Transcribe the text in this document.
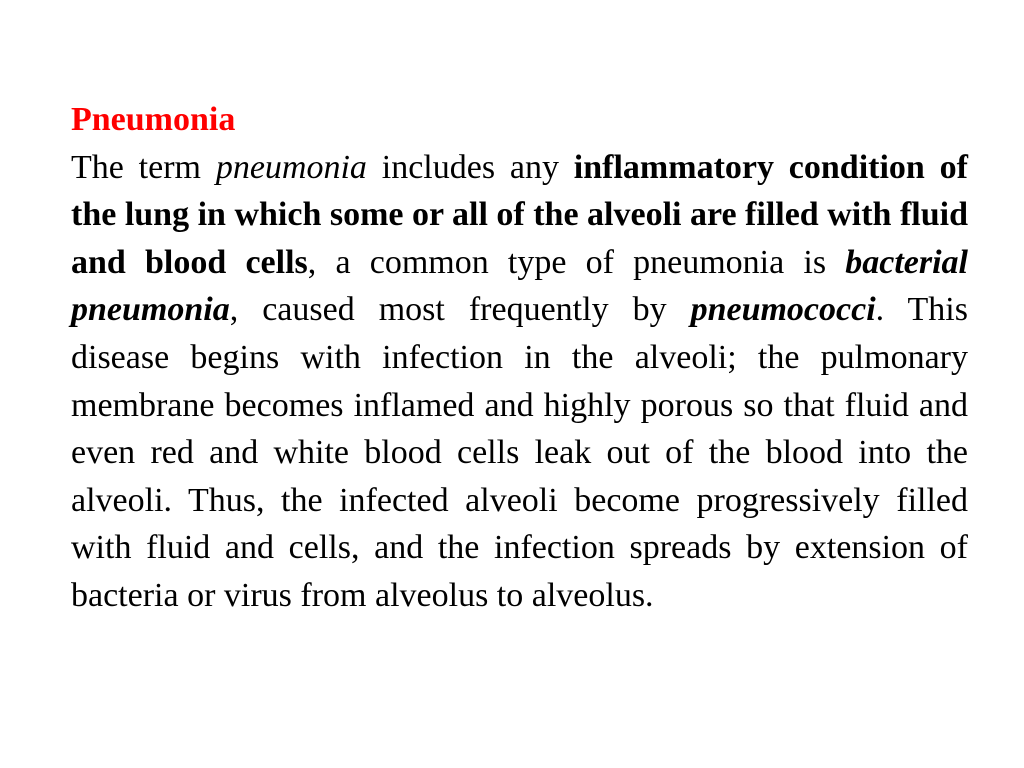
Pneumonia

The term pneumonia includes any inflammatory condition of the lung in which some or all of the alveoli are filled with fluid and blood cells, a common type of pneumonia is bacterial pneumonia, caused most frequently by pneumococci. This disease begins with infection in the alveoli; the pulmonary membrane becomes inflamed and highly porous so that fluid and even red and white blood cells leak out of the blood into the alveoli. Thus, the infected alveoli become progressively filled with fluid and cells, and the infection spreads by extension of bacteria or virus from alveolus to alveolus.
